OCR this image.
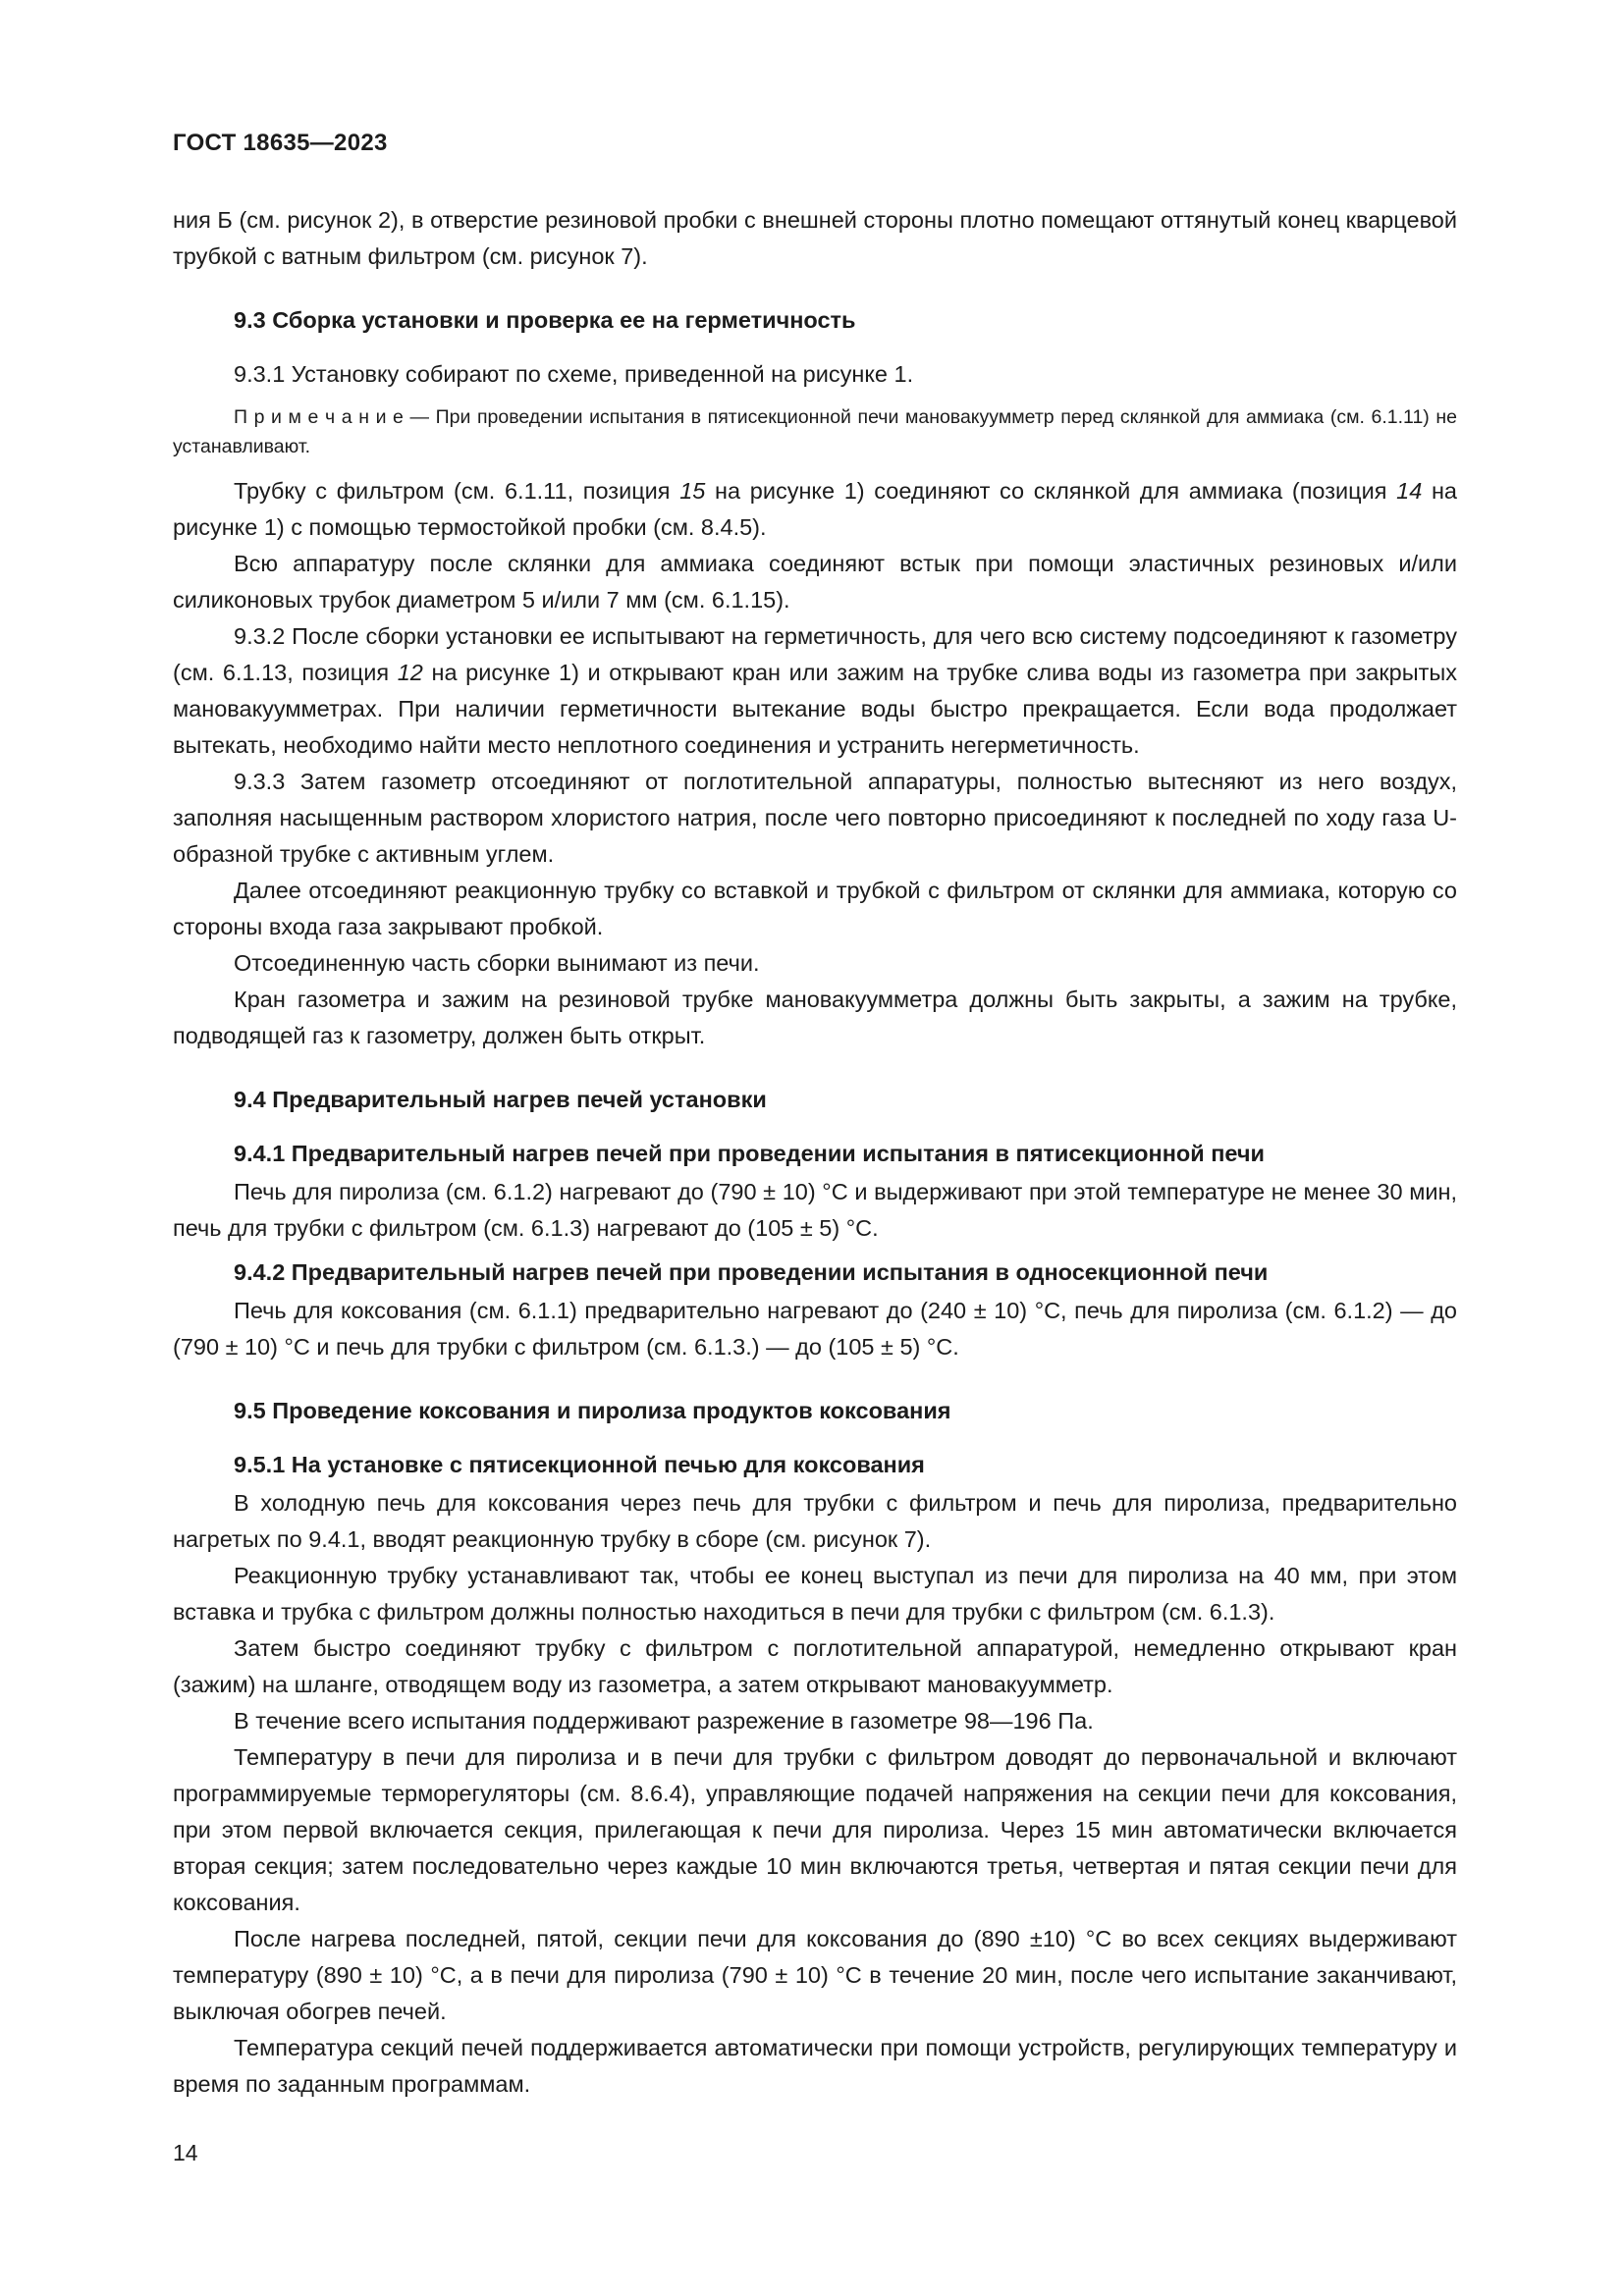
ГОСТ 18635—2023

ния Б (см. рисунок 2), в отверстие резиновой пробки с внешней стороны плотно помещают оттянутый конец кварцевой трубкой с ватным фильтром (см. рисунок 7).

9.3 Сборка установки и проверка ее на герметичность

9.3.1 Установку собирают по схеме, приведенной на рисунке 1.

П р и м е ч а н и е — При проведении испытания в пятисекционной печи мановакуумметр перед склянкой для аммиака (см. 6.1.11) не устанавливают.

Трубку с фильтром (см. 6.1.11, позиция 15 на рисунке 1) соединяют со склянкой для аммиака (позиция 14 на рисунке 1) с помощью термостойкой пробки (см. 8.4.5).

Всю аппаратуру после склянки для аммиака соединяют встык при помощи эластичных резиновых и/или силиконовых трубок диаметром 5 и/или 7 мм (см. 6.1.15).

9.3.2 После сборки установки ее испытывают на герметичность, для чего всю систему подсоединяют к газометру (см. 6.1.13, позиция 12 на рисунке 1) и открывают кран или зажим на трубке слива воды из газометра при закрытых мановакуумметрах. При наличии герметичности вытекание воды быстро прекращается. Если вода продолжает вытекать, необходимо найти место неплотного соединения и устранить негерметичность.

9.3.3 Затем газометр отсоединяют от поглотительной аппаратуры, полностью вытесняют из него воздух, заполняя насыщенным раствором хлористого натрия, после чего повторно присоединяют к последней по ходу газа U-образной трубке с активным углем.

Далее отсоединяют реакционную трубку со вставкой и трубкой с фильтром от склянки для аммиака, которую со стороны входа газа закрывают пробкой.

Отсоединенную часть сборки вынимают из печи.

Кран газометра и зажим на резиновой трубке мановакуумметра должны быть закрыты, а зажим на трубке, подводящей газ к газометру, должен быть открыт.

9.4 Предварительный нагрев печей установки

9.4.1 Предварительный нагрев печей при проведении испытания в пятисекционной печи

Печь для пиролиза (см. 6.1.2) нагревают до (790 ± 10) °С и выдерживают при этой температуре не менее 30 мин, печь для трубки с фильтром (см. 6.1.3) нагревают до (105 ± 5) °С.

9.4.2 Предварительный нагрев печей при проведении испытания в односекционной печи

Печь для коксования (см. 6.1.1) предварительно нагревают до (240 ± 10) °С, печь для пиролиза (см. 6.1.2) — до (790 ± 10) °С и печь для трубки с фильтром (см. 6.1.3.) — до (105 ± 5) °С.

9.5 Проведение коксования и пиролиза продуктов коксования

9.5.1 На установке с пятисекционной печью для коксования

В холодную печь для коксования через печь для трубки с фильтром и печь для пиролиза, предварительно нагретых по 9.4.1, вводят реакционную трубку в сборе (см. рисунок 7).

Реакционную трубку устанавливают так, чтобы ее конец выступал из печи для пиролиза на 40 мм, при этом вставка и трубка с фильтром должны полностью находиться в печи для трубки с фильтром (см. 6.1.3).

Затем быстро соединяют трубку с фильтром с поглотительной аппаратурой, немедленно открывают кран (зажим) на шланге, отводящем воду из газометра, а затем открывают мановакуумметр.

В течение всего испытания поддерживают разрежение в газометре 98—196 Па.

Температуру в печи для пиролиза и в печи для трубки с фильтром доводят до первоначальной и включают программируемые терморегуляторы (см. 8.6.4), управляющие подачей напряжения на секции печи для коксования, при этом первой включается секция, прилегающая к печи для пиролиза. Через 15 мин автоматически включается вторая секция; затем последовательно через каждые 10 мин включаются третья, четвертая и пятая секции печи для коксования.

После нагрева последней, пятой, секции печи для коксования до (890 ±10) °С во всех секциях выдерживают температуру (890 ± 10) °С, а в печи для пиролиза (790 ± 10) °С в течение 20 мин, после чего испытание заканчивают, выключая обогрев печей.

Температура секций печей поддерживается автоматически при помощи устройств, регулирующих температуру и время по заданным программам.

14
